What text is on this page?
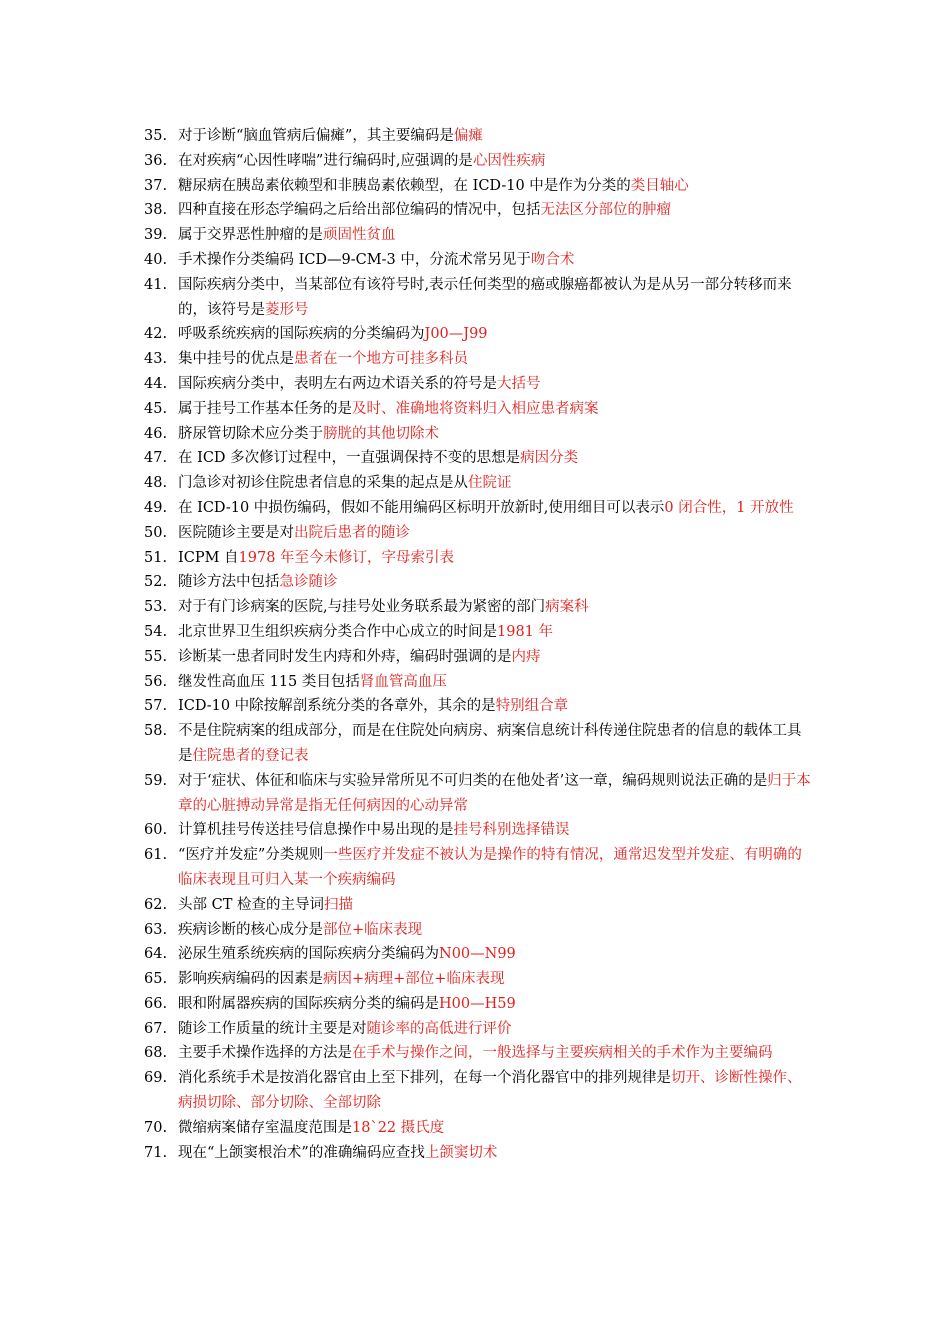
35. 对于诊断“脑血管病后偏瘫”，其主要编码是偏瘫
36. 在对疾病“心因性哮喘”进行编码时,应强调的是心因性疾病
37. 糖尿病在胰岛素依赖型和非胰岛素依赖型，在 ICD-10 中是作为分类的类目轴心
38. 四种直接在形态学编码之后给出部位编码的情况中，包括无法区分部位的肿瘤
39. 属于交界恶性肿瘤的是顽固性贫血
40. 手术操作分类编码 ICD—9-CM-3 中，分流术常另见于吻合术
41. 国际疾病分类中，当某部位有该符号时,表示任何类型的癌或腺癌都被认为是从另一部分转移而来的，该符号是菱形号
42. 呼吸系统疾病的国际疾病的分类编码为J00—J99
43. 集中挂号的优点是患者在一个地方可挂多科员
44. 国际疾病分类中，表明左右两边术语关系的符号是大括号
45. 属于挂号工作基本任务的是及时、准确地将资料归入相应患者病案
46. 脐尿管切除术应分类于膀胱的其他切除术
47. 在 ICD 多次修订过程中，一直强调保持不变的思想是病因分类
48. 门急诊对初诊住院患者信息的采集的起点是从住院证
49. 在 ICD-10 中损伤编码，假如不能用编码区标明开放新时,使用细目可以表示0 闭合性，1 开放性
50. 医院随诊主要是对出院后患者的随诊
51. ICPM 自1978 年至今未修订，字母索引表
52. 随诊方法中包括急诊随诊
53. 对于有门诊病案的医院,与挂号处业务联系最为紧密的部门病案科
54. 北京世界卫生组织疾病分类合作中心成立的时间是1981 年
55. 诊断某一患者同时发生内痔和外痔，编码时强调的是内痔
56. 继发性高血压 115 类目包括肾血管高血压
57. ICD-10 中除按解剖系统分类的各章外，其余的是特别组合章
58. 不是住院病案的组成部分，而是在住院处向病房、病案信息统计科传递住院患者的信息的载体工具是住院患者的登记表
59. 对于‘症状、体征和临床与实验异常所见不可归类的在他处者’这一章，编码规则说法正确的是归于本章的心脏搏动异常是指无任何病因的心动异常
60. 计算机挂号传送挂号信息操作中易出现的是挂号科别选择错误
61. “医疗并发症”分类规则一些医疗并发症不被认为是操作的特有情况，通常迟发型并发症、有明确的临床表现且可归入某一个疾病编码
62. 头部 CT 检查的主导词扫描
63. 疾病诊断的核心成分是部位+临床表现
64. 泌尿生殖系统疾病的国际疾病分类编码为N00—N99
65. 影响疾病编码的因素是病因+病理+部位+临床表现
66. 眼和附属器疾病的国际疾病分类的编码是H00—H59
67. 随诊工作质量的统计主要是对随诊率的高低进行评价
68. 主要手术操作选择的方法是在手术与操作之间，一般选择与主要疾病相关的手术作为主要编码
69. 消化系统手术是按消化器官由上至下排列，在每一个消化器官中的排列规律是切开、诊断性操作、病损切除、部分切除、全部切除
70. 微缩病案储存室温度范围是18`22 摄氏度
71. 现在“上颌窦根治术”的准确编码应查找上颌窦切术
